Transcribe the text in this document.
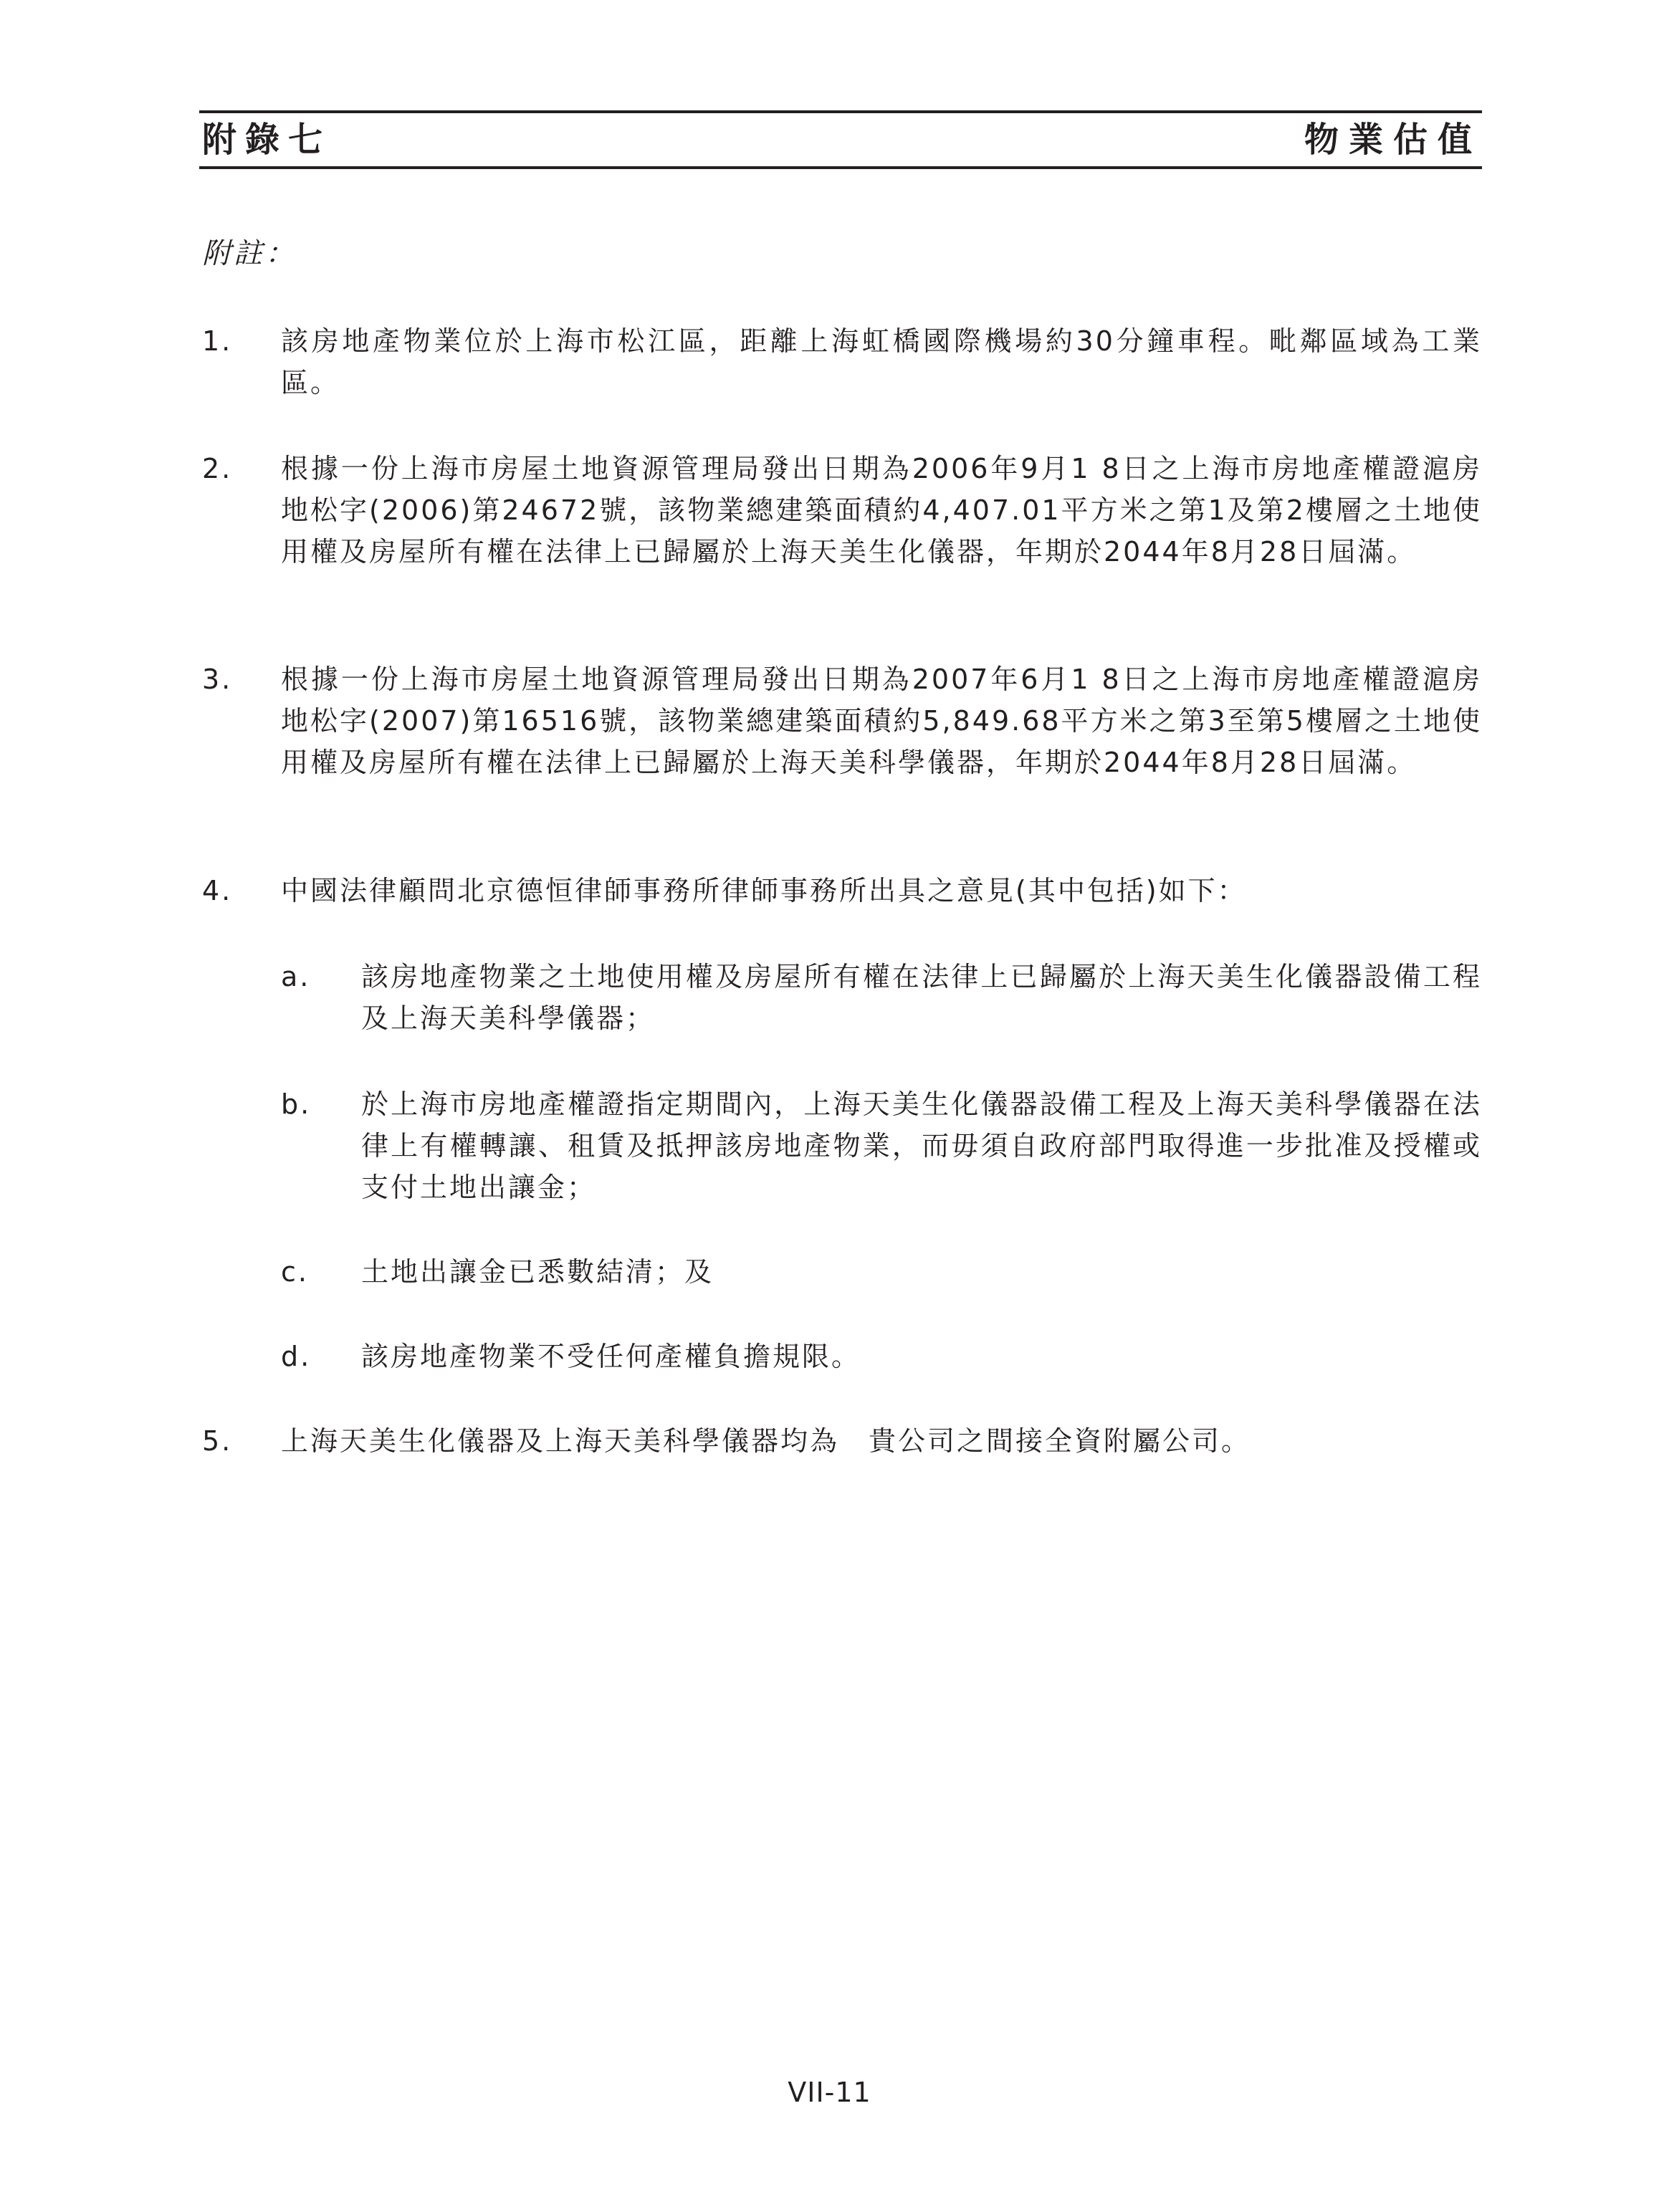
附錄七	物業估值
附註：
1. 該房地產物業位於上海市松江區，距離上海虹橋國際機場約30分鐘車程。毗鄰區域為工業區。
2. 根據一份上海市房屋土地資源管理局發出日期為2006年9月1 8日之上海市房地產權證滬房地松字(2006)第24672號，該物業總建築面積約4,407.01平方米之第1及第2樓層之土地使用權及房屋所有權在法律上已歸屬於上海天美生化儀器，年期於2044年8月28日屆滿。
3. 根據一份上海市房屋土地資源管理局發出日期為2007年6月1 8日之上海市房地產權證滬房地松字(2007)第16516號，該物業總建築面積約5,849.68平方米之第3至第5樓層之土地使用權及房屋所有權在法律上已歸屬於上海天美科學儀器，年期於2044年8月28日屆滿。
4. 中國法律顧問北京德恒律師事務所律師事務所出具之意見(其中包括)如下：
a. 該房地產物業之土地使用權及房屋所有權在法律上已歸屬於上海天美生化儀器設備工程及上海天美科學儀器；
b. 於上海市房地產權證指定期間內，上海天美生化儀器設備工程及上海天美科學儀器在法律上有權轉讓、租賃及抵押該房地產物業，而毋須自政府部門取得進一步批准及授權或支付土地出讓金；
c. 土地出讓金已悉數結清；及
d. 該房地產物業不受任何產權負擔規限。
5. 上海天美生化儀器及上海天美科學儀器均為　貴公司之間接全資附屬公司。
VII-11
